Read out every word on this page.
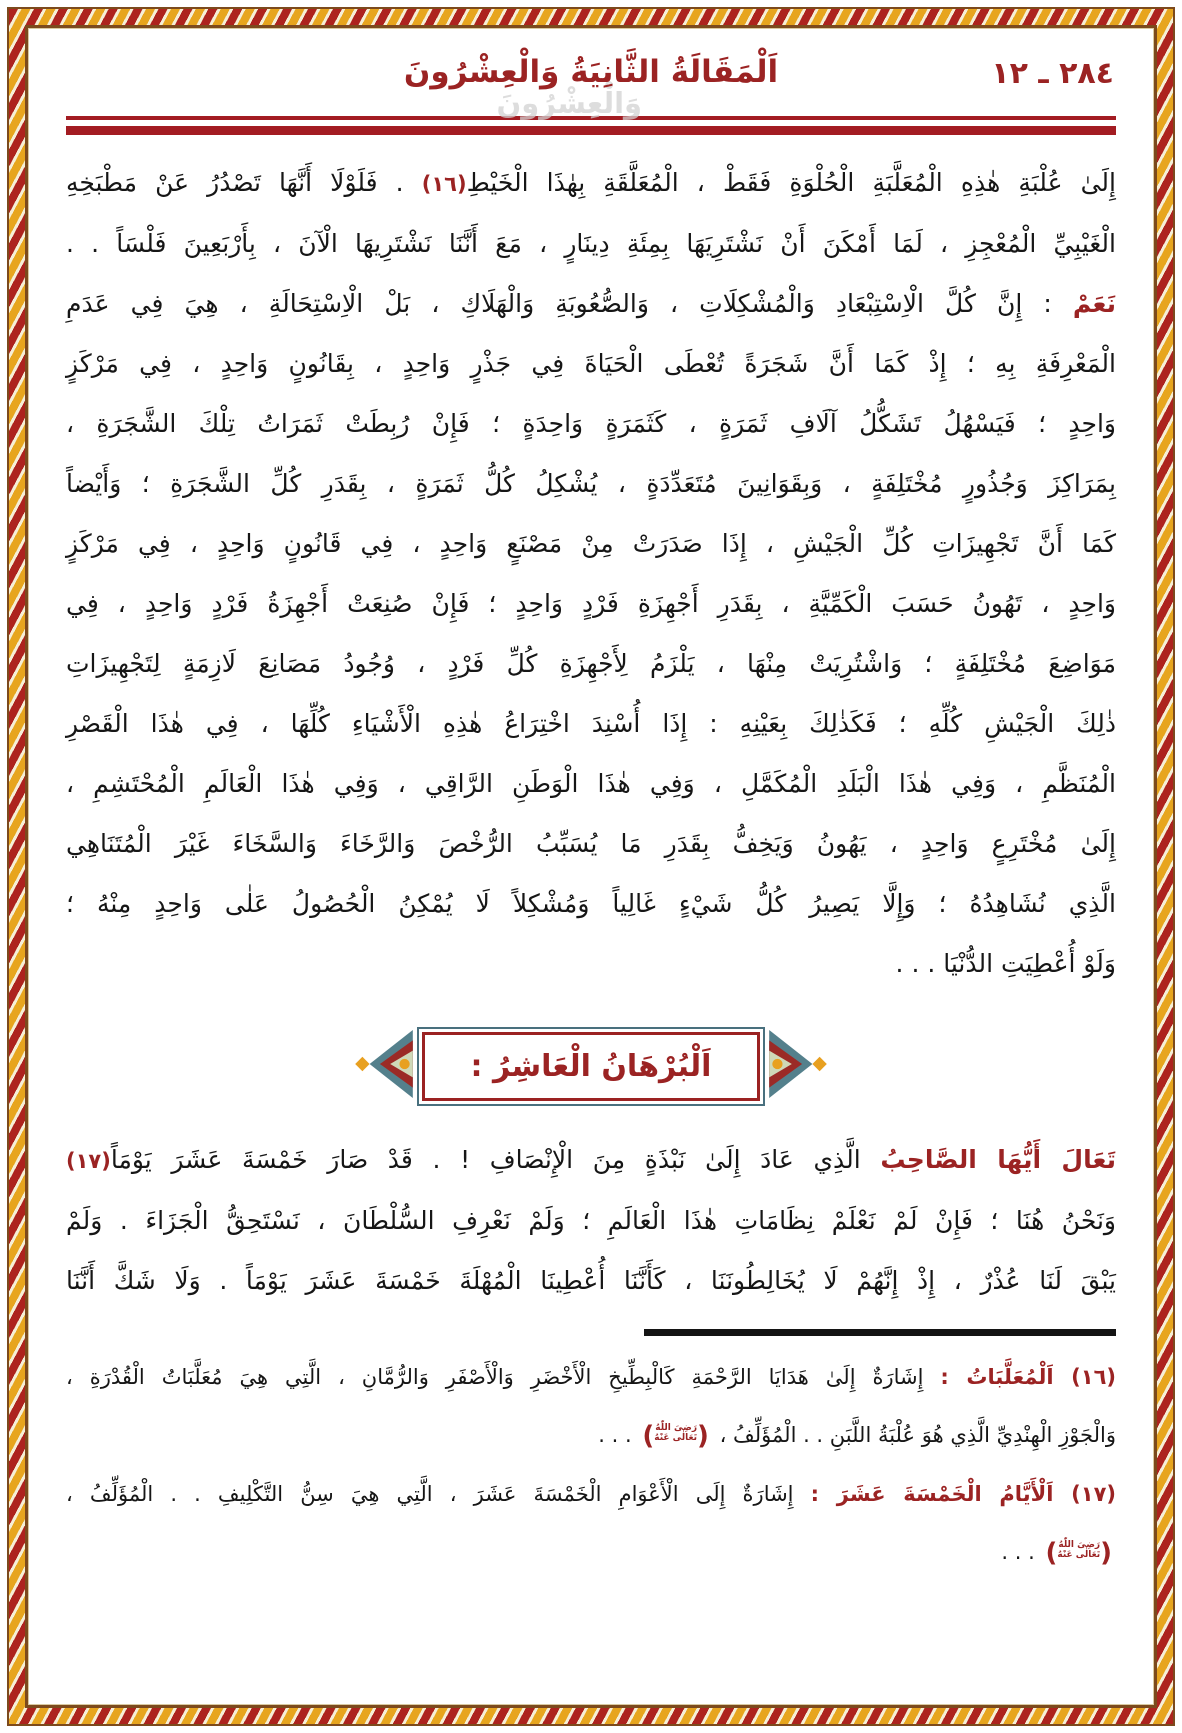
٢٨٤ ـ ١٢
وَالْعِشْرُونَ
اَلْمَقَالَةُ الثَّانِيَةُ وَالْعِشْرُونَ
إِلَىٰ عُلْبَةِ هٰذِهِ الْمُعَلَّبَةِ الْحُلْوَةِ فَقَطْ ، الْمُعَلَّقَةِ بِهٰذَا الْخَيْطِ(١٦) . فَلَوْلَا أَنَّهَا تَصْدُرُ عَنْ مَطْبَخِهِ
الْغَيْبِيِّ الْمُعْجِزِ ، لَمَا أَمْكَنَ أَنْ نَشْتَرِيَهَا بِمِئَةِ دِينَارٍ ، مَعَ أَنَّنَا نَشْتَرِيهَا الْآنَ ، بِأَرْبَعِينَ فَلْسَاً . .
نَعَمْ : إِنَّ كُلَّ الْاِسْتِبْعَادِ وَالْمُشْكِلَاتِ ، وَالصُّعُوبَةِ وَالْهَلَاكِ ، بَلْ الْاِسْتِحَالَةِ ، هِيَ فِي عَدَمِ
الْمَعْرِفَةِ بِهِ ؛ إِذْ كَمَا أَنَّ شَجَرَةً تُعْطَى الْحَيَاةَ فِي جَذْرٍ وَاحِدٍ ، بِقَانُونٍ وَاحِدٍ ، فِي مَرْكَزٍ
وَاحِدٍ ؛ فَيَسْهُلُ تَشَكُّلُ آلَافِ ثَمَرَةٍ ، كَثَمَرَةٍ وَاحِدَةٍ ؛ فَإِنْ رُبِطَتْ ثَمَرَاتُ تِلْكَ الشَّجَرَةِ ،
بِمَرَاكِزَ وَجُذُورٍ مُخْتَلِفَةٍ ، وَبِقَوَانِينَ مُتَعَدِّدَةٍ ، يُشْكِلُ كُلُّ ثَمَرَةٍ ، بِقَدَرِ كُلِّ الشَّجَرَةِ ؛ وَأَيْضاً
كَمَا أَنَّ تَجْهِيزَاتِ كُلِّ الْجَيْشِ ، إِذَا صَدَرَتْ مِنْ مَصْنَعٍ وَاحِدٍ ، فِي قَانُونٍ وَاحِدٍ ، فِي مَرْكَزٍ
وَاحِدٍ ، تَهُونُ حَسَبَ الْكَمِّيَّةِ ، بِقَدَرِ أَجْهِزَةِ فَرْدٍ وَاحِدٍ ؛ فَإِنْ صُنِعَتْ أَجْهِزَةُ فَرْدٍ وَاحِدٍ ، فِي
مَوَاضِعَ مُخْتَلِفَةٍ ؛ وَاشْتُرِيَتْ مِنْهَا ، يَلْزَمُ لِأَجْهِزَةِ كُلِّ فَرْدٍ ، وُجُودُ مَصَانِعَ لَازِمَةٍ لِتَجْهِيزَاتِ
ذٰلِكَ الْجَيْشِ كُلِّهِ ؛ فَكَذٰلِكَ بِعَيْنِهِ : إِذَا أُسْنِدَ اخْتِرَاعُ هٰذِهِ الْأَشْيَاءِ كُلِّهَا ، فِي هٰذَا الْقَصْرِ
الْمُنَظَّمِ ، وَفِي هٰذَا الْبَلَدِ الْمُكَمَّلِ ، وَفِي هٰذَا الْوَطَنِ الرَّاقِي ، وَفِي هٰذَا الْعَالَمِ الْمُحْتَشِمِ ،
إِلَىٰ مُخْتَرِعٍ وَاحِدٍ ، يَهُونُ وَيَخِفُّ بِقَدَرِ مَا يُسَبِّبُ الرُّخْصَ وَالرَّخَاءَ وَالسَّخَاءَ غَيْرَ الْمُتَنَاهِي
الَّذِي نُشَاهِدُهُ ؛ وَإِلَّا يَصِيرُ كُلُّ شَيْءٍ غَالِياً وَمُشْكِلاً لَا يُمْكِنُ الْحُصُولُ عَلٰى وَاحِدٍ مِنْهُ ؛
وَلَوْ أُعْطِيَتِ الدُّنْيَا . . .
اَلْبُرْهَانُ الْعَاشِرُ :
تَعَالَ أَيُّهَا الصَّاحِبُ الَّذِي عَادَ إِلَىٰ نَبْذَةٍ مِنَ الْإِنْصَافِ ! . قَدْ صَارَ خَمْسَةَ عَشَرَ يَوْمَاً(١٧)
وَنَحْنُ هُنَا ؛ فَإِنْ لَمْ نَعْلَمْ نِظَامَاتِ هٰذَا الْعَالَمِ ؛ وَلَمْ نَعْرِفِ السُّلْطَانَ ، نَسْتَحِقُّ الْجَزَاءَ . وَلَمْ
يَبْقَ لَنَا عُذْرٌ ، إِذْ إِنَّهُمْ لَا يُخَالِطُونَنَا ، كَأَنَّنَا أُعْطِينَا الْمُهْلَةَ خَمْسَةَ عَشَرَ يَوْمَاً . وَلَا شَكَّ أَنَّنَا
(١٦) اَلْمُعَلَّبَاتُ : إِشَارَةٌ إِلَىٰ هَدَايَا الرَّحْمَةِ كَالْبِطِّيخِ الْأَخْضَرِ وَالْأَصْفَرِ وَالرُّمَّانِ ، الَّتِي هِيَ مُعَلَّبَاتُ الْقُدْرَةِ ،
وَالْجَوْزِ الْهِنْدِيِّ الَّذِي هُوَ عُلْبَةُ اللَّبَنِ . . الْمُؤَلِّفُ ،
(
رَضِىَ اللّٰهُ
تَعَالٰى عَنْهُ
)
. . .
(١٧) اَلْأَيَّامُ الْخَمْسَةَ عَشَرَ : إِشَارَةٌ إِلَى الْأَعْوَامِ الْخَمْسَةَ عَشَرَ ، الَّتِي هِيَ سِنُّ التَّكْلِيفِ . . الْمُؤَلِّفُ ،
(
رَضِىَ اللّٰهُ
تَعَالٰى عَنْهُ
)
. . .
